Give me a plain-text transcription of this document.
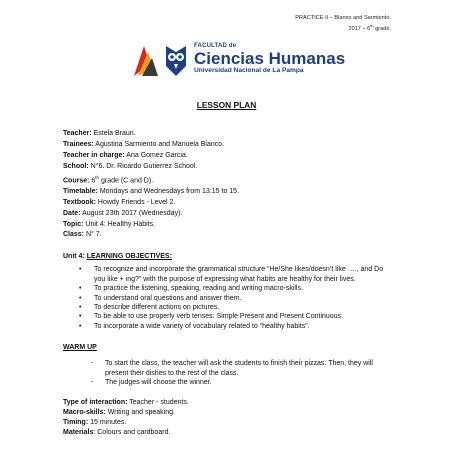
PRACTICE II – Blanco and Sarmiento.
2017 – 6th grade.
FACULTAD de
Ciencias Humanas
Universidad Nacional de La Pampa
LESSON PLAN
Teacher: Estela Braun.
Trainees: Agustina Sarmiento and Manuela Blanco.
Teacher in charge: Ana Gomez Garcia.
School: N°6. Dr. Ricardo Gutierrez School.
Course: 6th grade (C and D).
Timetable: Mondays and Wednesdays from 13:15 to 15.
Textbook: Howdy Friends - Level 2.
Date: August 23th 2017 (Wednesday).
Topic: Unit 4: Healthy Habits.
Class: N° 7.
Unit 4: LEARNING OBJECTIVES:
• To recognize and incorporate the grammatical structure “He/She likes/doesn’t like …., and Do you like + ing?” with the purpose of expressing what habits are healthy for their lives.
• To practice the listening, speaking, reading and writing macro-skills.
• To understand oral questions and answer them.
• To describe different actions on pictures.
• To be able to use properly verb tenses: Simple Present and Present Continuous.
• To incorporate a wide variety of vocabulary related to “healthy habits”.
WARM UP
- To start the class, the teacher will ask the students to finish their pizzas. Then, they will present their dishes to the rest of the class.
- The judges will choose the winner.
Type of interaction: Teacher - students.
Macro-skills: Writing and speaking.
Timing: 15 minutes.
Materials: Colours and cardboard.
